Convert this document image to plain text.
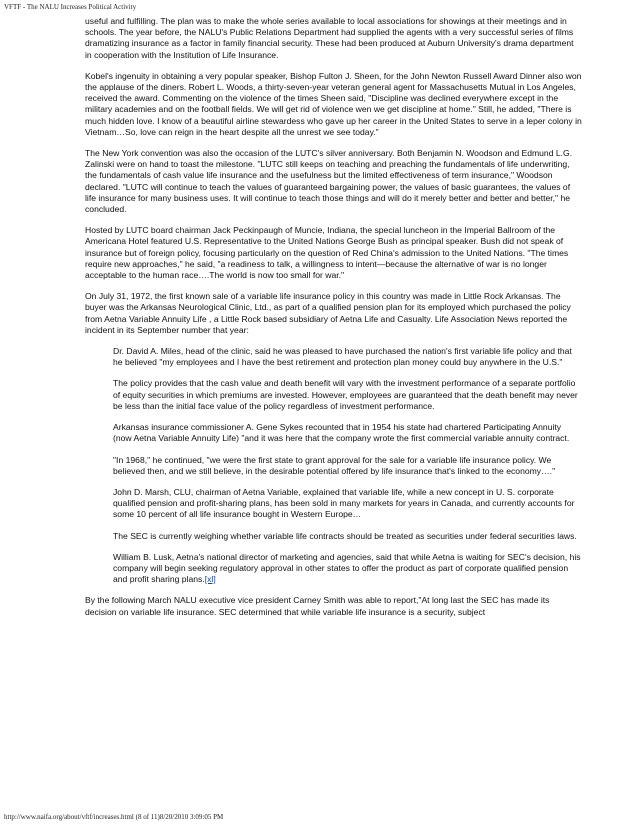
VFTF - The NALU Increases Political Activity

useful and fulfilling. The plan was to make the whole series available to local associations for showings at their meetings and in schools. The year before, the NALU's Public Relations Department had supplied the agents with a very successful series of films dramatizing insurance as a factor in family financial security. These had been produced at Auburn University's drama department in cooperation with the Institution of Life Insurance.

Kobel's ingenuity in obtaining a very popular speaker, Bishop Fulton J. Sheen, for the John Newton Russell Award Dinner also won the applause of the diners. Robert L. Woods, a thirty-seven-year veteran general agent for Massachusetts Mutual in Los Angeles, received the award. Commenting on the violence of the times Sheen said, "Discipline was declined everywhere except in the military academies and on the football fields. We will get rid of violence wen we get discipline at home." Still, he added, "There is much hidden love. I know of a beautiful airline stewardess who gave up her career in the United States to serve in a leper colony in Vietnam…So, love can reign in the heart despite all the unrest we see today."

The New York convention was also the occasion of the LUTC's silver anniversary. Both Benjamin N. Woodson and Edmund L.G. Zalinski were on hand to toast the milestone. "LUTC still keeps on teaching and preaching the fundamentals of life underwriting, the fundamentals of cash value life insurance and the usefulness but the limited effectiveness of term insurance," Woodson declared. "LUTC will continue to teach the values of guaranteed bargaining power, the values of basic guarantees, the values of life insurance for many business uses. It will continue to teach those things and will do it merely better and better and better," he concluded.

Hosted by LUTC board chairman Jack Peckinpaugh of Muncie, Indiana, the special luncheon in the Imperial Ballroom of the Americana Hotel featured U.S. Representative to the United Nations George Bush as principal speaker. Bush did not speak of insurance but of foreign policy, focusing particularly on the question of Red China's admission to the United Nations. "The times require new approaches," he said, "a readiness to talk, a willingness to intent—because the alternative of war is no longer acceptable to the human race….The world is now too small for war."

On July 31, 1972, the first known sale of a variable life insurance policy in this country was made in Little Rock Arkansas. The buyer was the Arkansas Neurological Clinic, Ltd., as part of a qualified pension plan for its employed which purchased the policy from Aetna Variable Annuity Life , a Little Rock based subsidiary of Aetna Life and Casualty. Life Association News reported the incident in its September number that year:

Dr. David A. Miles, head of the clinic, said he was pleased to have purchased the nation's first variable life policy and that he believed "my employees and I have the best retirement and protection plan money could buy anywhere in the U.S."

The policy provides that the cash value and death benefit will vary with the investment performance of a separate portfolio of equity securities in which premiums are invested. However, employees are guaranteed that the death benefit may never be less than the initial face value of the policy regardless of investment performance.

Arkansas insurance commissioner A. Gene Sykes recounted that in 1954 his state had chartered Participating Annuity (now Aetna Variable Annuity Life) "and it was here that the company wrote the first commercial variable annuity contract.

"In 1968," he continued, "we were the first state to grant approval for the sale for a variable life insurance policy. We believed then, and we still believe, in the desirable potential offered by life insurance that's linked to the economy…."

John D. Marsh, CLU, chairman of Aetna Variable, explained that variable life, while a new concept in U. S. corporate qualified pension and profit-sharing plans, has been sold in many markets for years in Canada, and currently accounts for some 10 percent of all life insurance bought in Western Europe…

The SEC is currently weighing whether variable life contracts should be treated as securities under federal securities laws.

William B. Lusk, Aetna's national director of marketing and agencies, said that while Aetna is waiting for SEC's decision, his company will begin seeking regulatory approval in other states to offer the product as part of corporate qualified pension and profit sharing plans.[xl]

By the following March NALU executive vice president Carney Smith was able to report,"At long last the SEC has made its decision on variable life insurance. SEC determined that while variable life insurance is a security, subject

http://www.naifa.org/about/vftf/increases.html (8 of 11)8/20/2010 3:09:05 PM
